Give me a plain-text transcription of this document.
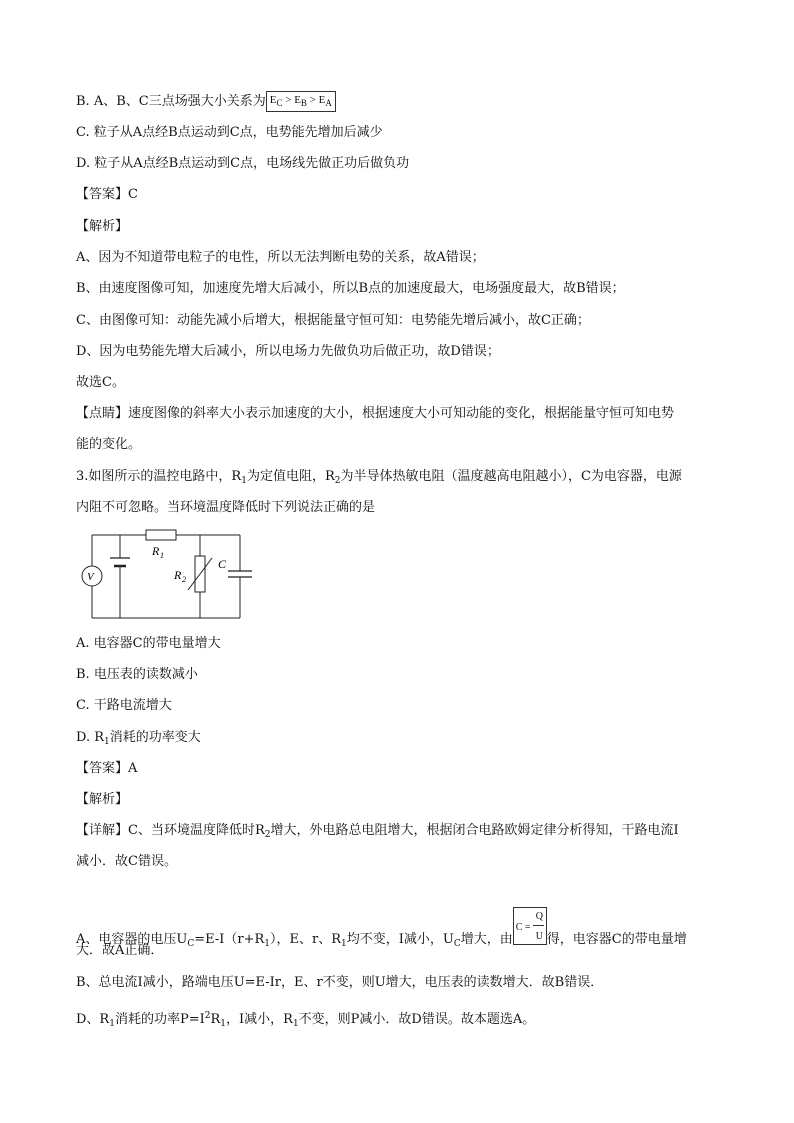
B. A、B、C三点场强大小关系为 $E_C > E_B > E_A$
C. 粒子从A点经B点运动到C点，电势能先增加后减少
D. 粒子从A点经B点运动到C点，电场线先做正功后做负功
【答案】C
【解析】
A、因为不知道带电粒子的电性，所以无法判断电势的关系，故A错误；
B、由速度图像可知，加速度先增大后减小，所以B点的加速度最大，电场强度最大，故B错误；
C、由图像可知：动能先减小后增大，根据能量守恒可知：电势能先增后减小，故C正确；
D、因为电势能先增大后减小，所以电场力先做负功后做正功，故D错误；
故选C。
【点睛】速度图像的斜率大小表示加速度的大小，根据速度大小可知动能的变化，根据能量守恒可知电势
能的变化。
3.如图所示的温控电路中，$R_1$为定值电阻，$R_2$为半导体热敏电阻（温度越高电阻越小），C为电容器，电源
内阻不可忽略。当环境温度降低时下列说法正确的是
V
R 1
R 2
C
A. 电容器C的带电量增大
B. 电压表的读数减小
C. 干路电流增大
D. $R_1$消耗的功率变大
【答案】A
【解析】
【详解】C、当环境温度降低时$R_2$增大，外电路总电阻增大，根据闭合电路欧姆定律分析得知，干路电流I
减小．故C错误。
A、电容器的电压$U_C=E-I(r+R_1)$，E、r、$R_1$均不变，I减小，$U_C$增大，由
C =
Q
U 得，电容器C的带电量增
大．故A正确．
B、总电流I减小，路端电压U=E-Ir，E、r不变，则U增大，电压表的读数增大．故B错误．
D、$R_1$消耗的功率$P=I^2R_1$，I减小，$R_1$不变，则P减小．故D错误。故本题选A。
